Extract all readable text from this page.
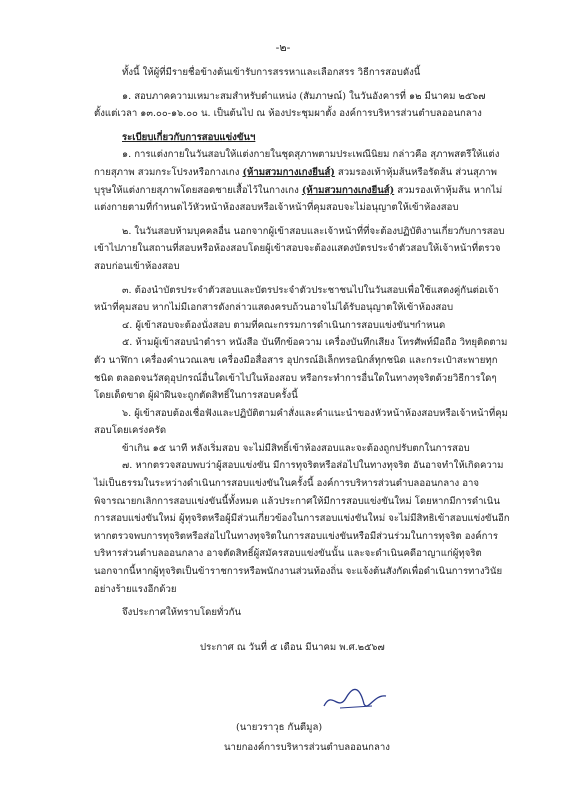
-๒-

ทั้งนี้ ให้ผู้ที่มีรายชื่อข้างต้นเข้ารับการสรรหาและเลือกสรร วิธีการสอบดังนี้

๑. สอบภาคความเหมาะสมสำหรับตำแหน่ง (สัมภาษณ์) ในวันอังคารที่ ๑๒ มีนาคม ๒๕๖๗ ตั้งแต่เวลา ๑๓.๐๐-๑๖.๐๐ น. เป็นต้นไป ณ ห้องประชุมผาตั้ง องค์การบริหารส่วนตำบลออนกลาง

ระเบียบเกี่ยวกับการสอบแข่งขันฯ

๑. การแต่งกายในวันสอบให้แต่งกายในชุดสุภาพตามประเพณีนิยม กล่าวคือ สุภาพสตรีให้แต่งกายสุภาพ สวมกระโปรงหรือกางเกง (ห้ามสวมกางเกงยีนส์) สวมรองเท้าหุ้มส้นหรือรัดส้น ส่วนสุภาพบุรุษให้แต่งกายสุภาพโดยสอดชายเสื้อไว้ในกางเกง (ห้ามสวมกางเกงยีนส์) สวมรองเท้าหุ้มส้น หากไม่แต่งกายตามที่กำหนดไว้หัวหน้าห้องสอบหรือเจ้าหน้าที่คุมสอบจะไม่อนุญาตให้เข้าห้องสอบ

๒. ในวันสอบห้ามบุคคลอื่น นอกจากผู้เข้าสอบและเจ้าหน้าที่ที่จะต้องปฏิบัติงานเกี่ยวกับการสอบเข้าไปภายในสถานที่สอบหรือห้องสอบโดยผู้เข้าสอบจะต้องแสดงบัตรประจำตัวสอบให้เจ้าหน้าที่ตรวจสอบก่อนเข้าห้องสอบ

๓. ต้องนำบัตรประจำตัวสอบและบัตรประจำตัวประชาชนไปในวันสอบเพื่อใช้แสดงคู่กันต่อเจ้าหน้าที่คุมสอบ หากไม่มีเอกสารดังกล่าวแสดงครบถ้วนอาจไม่ได้รับอนุญาตให้เข้าห้องสอบ

๔. ผู้เข้าสอบจะต้องนั่งสอบ ตามที่คณะกรรมการดำเนินการสอบแข่งขันฯกำหนด

๕. ห้ามผู้เข้าสอบนำตำรา หนังสือ บันทึกข้อความ เครื่องบันทึกเสียง โทรศัพท์มือถือ วิทยุติดตามตัว นาฬิกา เครื่องคำนวณเลข เครื่องมือสื่อสาร อุปกรณ์อิเล็กทรอนิกส์ทุกชนิด และกระเป๋าสะพายทุกชนิด ตลอดจนวัสดุอุปกรณ์อื่นใดเข้าไปในห้องสอบ หรือกระทำการอื่นใดในทางทุจริตด้วยวิธีการใดๆโดยเด็ดขาด ผู้ฝ่าฝืนจะถูกตัดสิทธิ์ในการสอบครั้งนี้

๖. ผู้เข้าสอบต้องเชื่อฟังและปฏิบัติตามคำสั่งและคำแนะนำของหัวหน้าห้องสอบหรือเจ้าหน้าที่คุมสอบโดยเคร่งครัด

ข้าเกิน ๑๕ นาที หลังเริ่มสอบ จะไม่มีสิทธิ์เข้าห้องสอบและจะต้องถูกปรับตกในการสอบ

๗. หากตรวจสอบพบว่าผู้สอบแข่งขัน มีการทุจริตหรือส่อไปในทางทุจริต อันอาจทำให้เกิดความไม่เป็นธรรมในระหว่างดำเนินการสอบแข่งขันในครั้งนี้ องค์การบริหารส่วนตำบลออนกลาง อาจพิจารณายกเลิกการสอบแข่งขันนี้ทั้งหมด แล้วประกาศให้มีการสอบแข่งขันใหม่ โดยหากมีการดำเนินการสอบแข่งขันใหม่ ผู้ทุจริตหรือผู้มีส่วนเกี่ยวข้องในการสอบแข่งขันใหม่ จะไม่มีสิทธิเข้าสอบแข่งขันอีก หากตรวจพบการทุจริตหรือส่อไปในทางทุจริตในการสอบแข่งขันหรือมีส่วนร่วมในการทุจริต องค์การบริหารส่วนตำบลออนกลาง อาจตัดสิทธิ์ผู้สมัครสอบแข่งขันนั้น และจะดำเนินคดีอาญาแก่ผู้ทุจริต นอกจากนี้หากผู้ทุจริตเป็นข้าราชการหรือพนักงานส่วนท้องถิ่น จะแจ้งต้นสังกัดเพื่อดำเนินการทางวินัยอย่างร้ายแรงอีกด้วย

จึงประกาศให้ทราบโดยทั่วกัน

ประกาศ ณ วันที่ ๕ เดือน มีนาคม พ.ศ.๒๕๖๗
(นายวราวุธ กันตีมูล)
นายกองค์การบริหารส่วนตำบลออนกลาง
